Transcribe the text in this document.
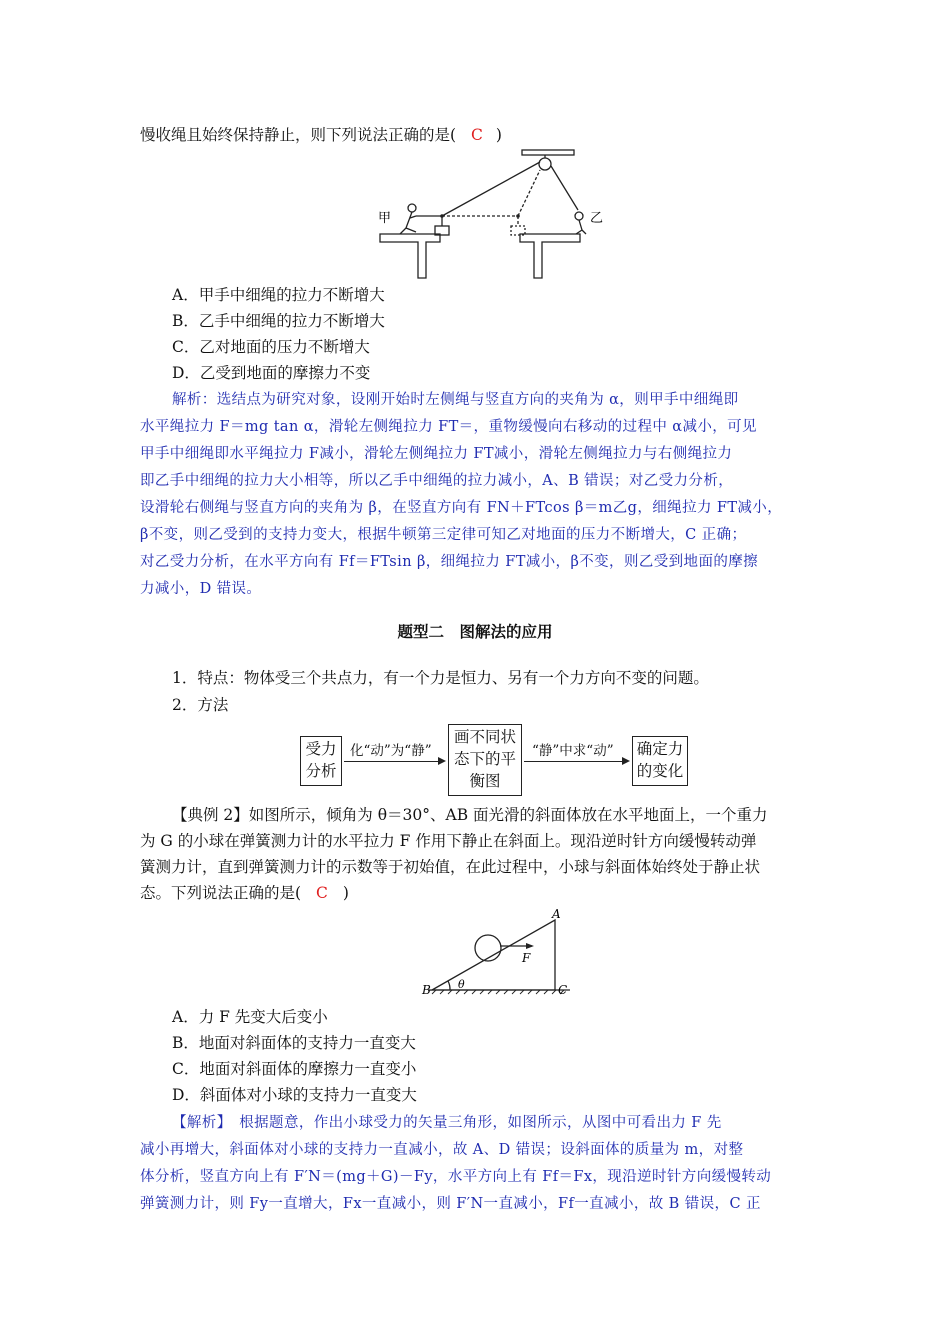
慢收绳且始终保持静止，则下列说法正确的是( C )
甲	乙
A．甲手中细绳的拉力不断增大
B．乙手中细绳的拉力不断增大
C．乙对地面的压力不断增大
D．乙受到地面的摩擦力不变
解析：选结点为研究对象，设刚开始时左侧绳与竖直方向的夹角为 α，则甲手中细绳即
水平绳拉力 F＝mg tan α，滑轮左侧绳拉力 FT＝，重物缓慢向右移动的过程中 α减小，可见
甲手中细绳即水平绳拉力 F减小，滑轮左侧绳拉力 FT减小，滑轮左侧绳拉力与右侧绳拉力
即乙手中细绳的拉力大小相等，所以乙手中细绳的拉力减小，A、B 错误；对乙受力分析，
设滑轮右侧绳与竖直方向的夹角为 β，在竖直方向有 FN＋FTcos β＝m乙g，细绳拉力 FT减小，
β不变，则乙受到的支持力变大，根据牛顿第三定律可知乙对地面的压力不断增大，C 正确；
对乙受力分析，在水平方向有 Ff＝FTsin β，细绳拉力 FT减小，β不变，则乙受到地面的摩擦
力减小，D 错误。
题型二　图解法的应用
1．特点：物体受三个共点力，有一个力是恒力、另有一个力方向不变的问题。
2．方法
受力
分析
化“动”为“静”
画不同状
态下的平
衡图
“静”中求“动” 确定力
的变化
【典例 2】如图所示，倾角为 θ＝30°、AB 面光滑的斜面体放在水平地面上，一个重力
为 G 的小球在弹簧测力计的水平拉力 F 作用下静止在斜面上。现沿逆时针方向缓慢转动弹
簧测力计，直到弹簧测力计的示数等于初始值，在此过程中，小球与斜面体始终处于静止状
态。下列说法正确的是( C )
A
B	C
F
θ
A．力 F 先变大后变小
B．地面对斜面体的支持力一直变大
C．地面对斜面体的摩擦力一直变小
D．斜面体对小球的支持力一直变大
【解析】　根据题意，作出小球受力的矢量三角形，如图所示，从图中可看出力 F 先
减小再增大，斜面体对小球的支持力一直减小，故 A、D 错误；设斜面体的质量为 m，对整
体分析，竖直方向上有 F′N＝(mg＋G)－Fy，水平方向上有 Ff＝Fx，现沿逆时针方向缓慢转动
弹簧测力计，则 Fy一直增大，Fx一直减小，则 F′N一直减小，Ff一直减小，故 B 错误，C 正
